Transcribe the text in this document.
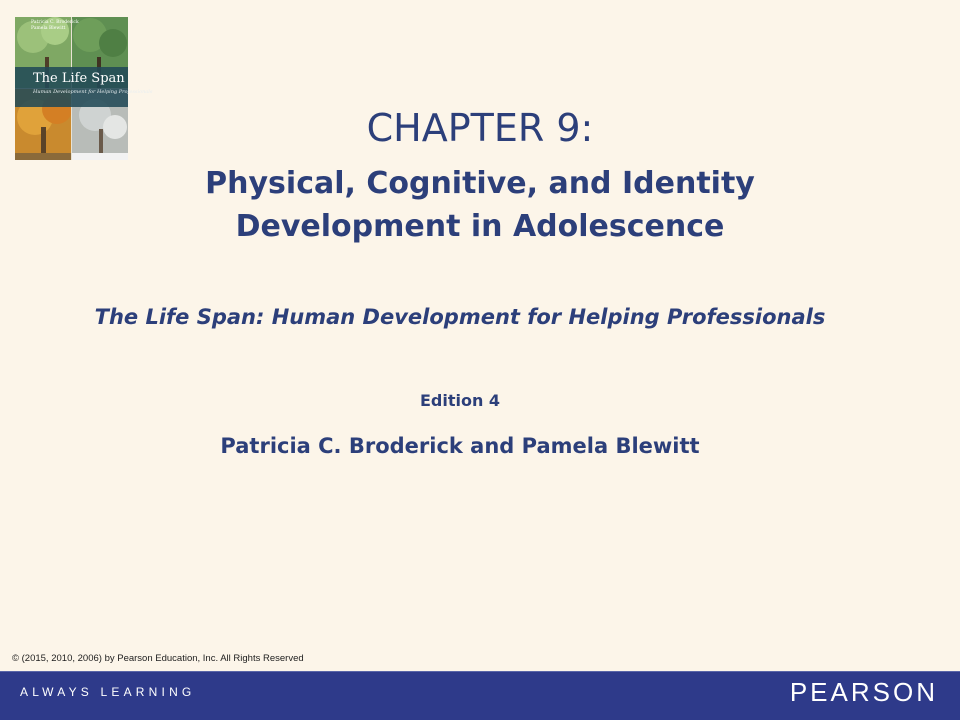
Patricia C. Broderick
Pamela Blewitt
The Life Span
Human Development for Helping Professionals
CHAPTER 9:
Physical, Cognitive, and Identity Development in Adolescence
The Life Span: Human Development for Helping Professionals
Edition 4
Patricia C. Broderick and Pamela Blewitt
© (2015, 2010, 2006) by Pearson Education, Inc. All Rights Reserved
ALWAYS LEARNING	PEARSON
